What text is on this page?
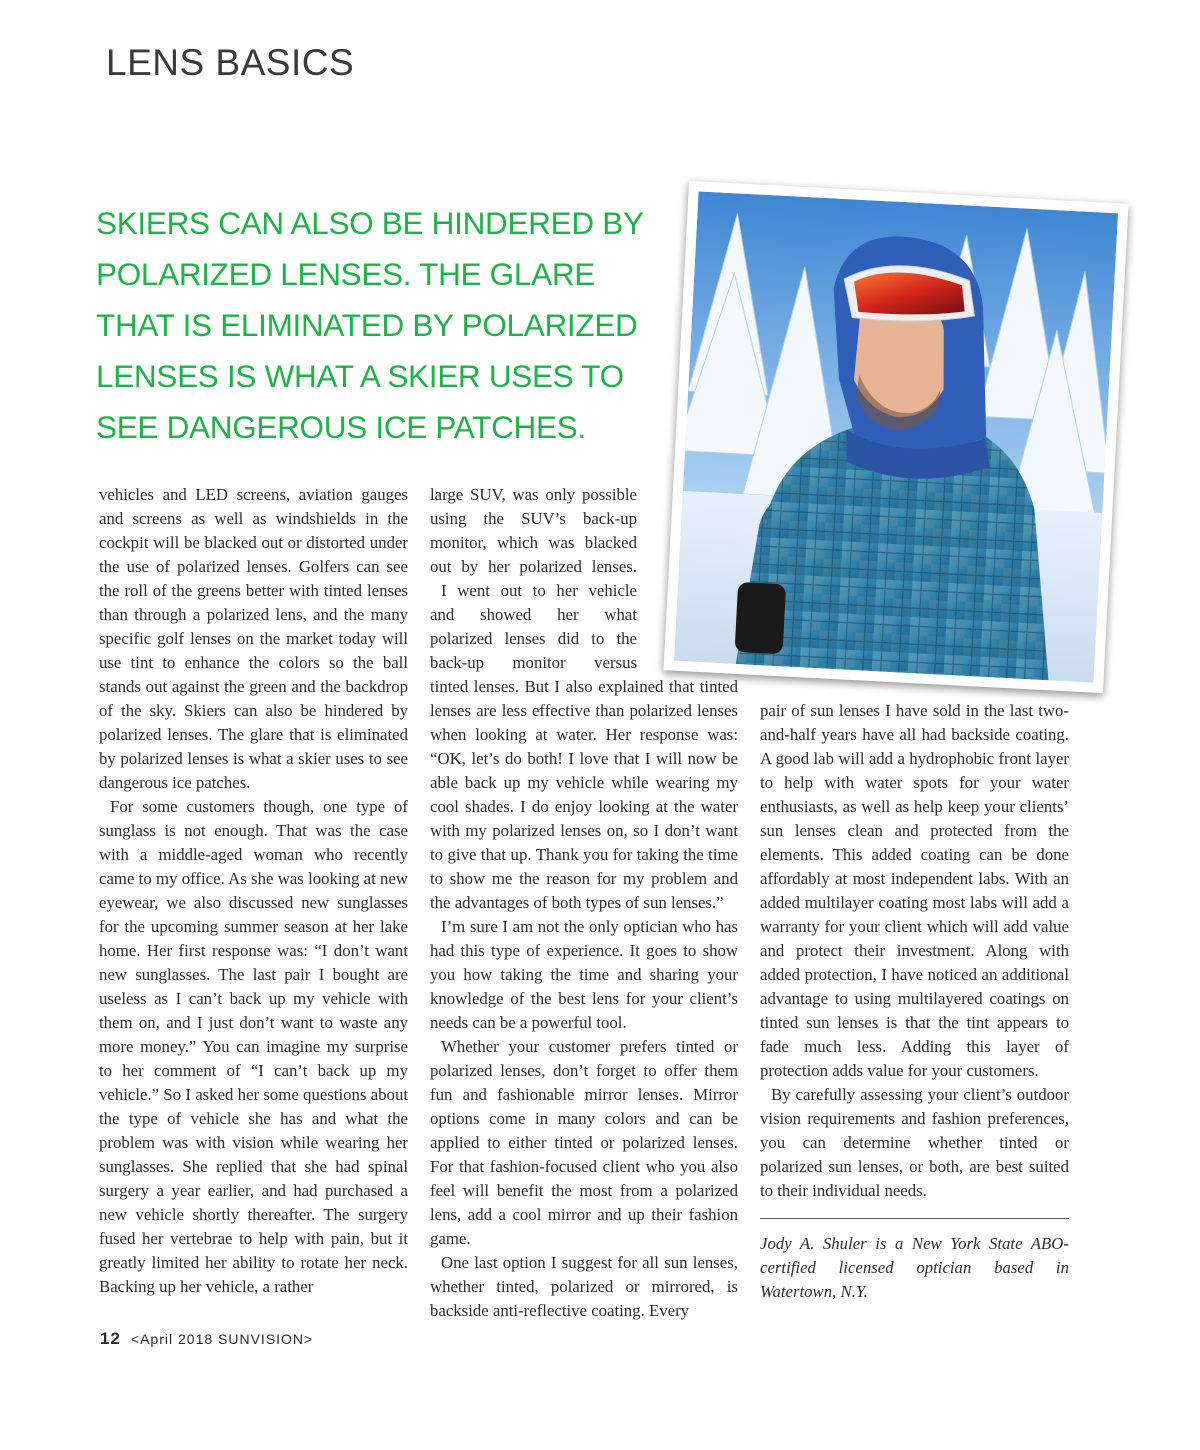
LENS BASICS

SKIERS CAN ALSO BE HINDERED BY

POLARIZED LENSES. THE GLARE

THAT IS ELIMINATED BY POLARIZED

LENSES IS WHAT A SKIER USES TO

SEE DANGEROUS ICE PATCHES.

vehicles and LED screens, aviation gauges and screens as well as windshields in the cockpit will be blacked out or distorted under the use of polarized lenses. Golfers can see the roll of the greens better with tinted lenses than through a polarized lens, and the many specific golf lenses on the market today will use tint to enhance the colors so the ball stands out against the green and the backdrop of the sky. Skiers can also be hindered by polarized lenses. The glare that is eliminated by polarized lenses is what a skier uses to see dangerous ice patches.

For some customers though, one type of sunglass is not enough. That was the case with a middle-aged woman who recently came to my office. As she was looking at new eyewear, we also discussed new sunglasses for the upcoming summer season at her lake home. Her first response was: “I don’t want new sunglasses. The last pair I bought are useless as I can’t back up my vehicle with them on, and I just don’t want to waste any more money.” You can imagine my surprise to her comment of “I can’t back up my vehicle.” So I asked her some questions about the type of vehicle she has and what the problem was with vision while wearing her sunglasses. She replied that she had spinal surgery a year earlier, and had purchased a new vehicle shortly thereafter. The surgery fused her vertebrae to help with pain, but it greatly limited her ability to rotate her neck. Backing up her vehicle, a rather

large SUV, was only possible
using the SUV’s back-up
monitor, which was blacked
out by her polarized lenses.
I went out to her vehicle
and showed her what
polarized lenses did to the
back-up monitor versus

tinted lenses. But I also explained that tinted lenses are less effective than polarized lenses when looking at water. Her response was: “OK, let’s do both! I love that I will now be able back up my vehicle while wearing my cool shades. I do enjoy looking at the water with my polarized lenses on, so I don’t want to give that up. Thank you for taking the time to show me the reason for my problem and the advantages of both types of sun lenses.”

I’m sure I am not the only optician who has had this type of experience. It goes to show you how taking the time and sharing your knowledge of the best lens for your client’s needs can be a powerful tool.

Whether your customer prefers tinted or polarized lenses, don’t forget to offer them fun and fashionable mirror lenses. Mirror options come in many colors and can be applied to either tinted or polarized lenses. For that fashion-focused client who you also feel will benefit the most from a polarized lens, add a cool mirror and up their fashion game.

One last option I suggest for all sun lenses, whether tinted, polarized or mirrored, is backside anti-reflective coating. Every

pair of sun lenses I have sold in the last two-and-half years have all had backside coating. A good lab will add a hydrophobic front layer to help with water spots for your water enthusiasts, as well as help keep your clients’ sun lenses clean and protected from the elements. This added coating can be done affordably at most independent labs. With an added multilayer coating most labs will add a warranty for your client which will add value and protect their investment. Along with added protection, I have noticed an additional advantage to using multilayered coatings on tinted sun lenses is that the tint appears to fade much less. Adding this layer of protection adds value for your customers.

By carefully assessing your client’s outdoor vision requirements and fashion preferences, you can determine whether tinted or polarized sun lenses, or both, are best suited to their individual needs.

Jody A. Shuler is a New York State ABO-certified licensed optician based in Watertown, N.Y.

12 <April 2018 SUNVISION>
